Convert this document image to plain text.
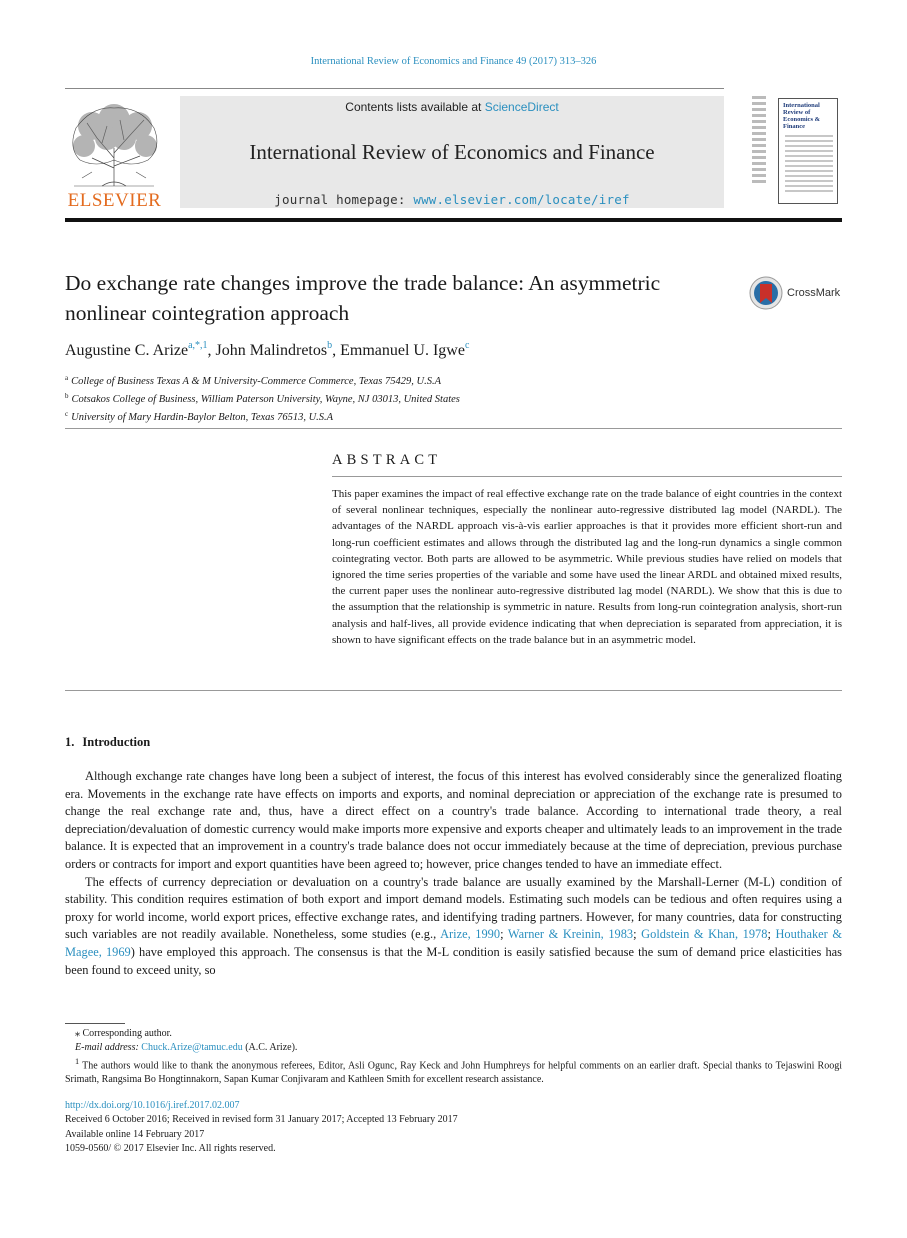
International Review of Economics and Finance 49 (2017) 313–326
ELSEVIER
Contents lists available at ScienceDirect
International Review of Economics and Finance
journal homepage: www.elsevier.com/locate/iref
International Review of Economics & Finance
Do exchange rate changes improve the trade balance: An asymmetric nonlinear cointegration approach
CrossMark
Augustine C. Arize$^{a,*,1}$, John Malindretos$^b$, Emmanuel U. Igwe$^c$
$^a$ College of Business Texas A & M University-Commerce Commerce, Texas 75429, U.S.A
$^b$ Cotsakos College of Business, William Paterson University, Wayne, NJ 03013, United States
$^c$ University of Mary Hardin-Baylor Belton, Texas 76513, U.S.A
ABSTRACT
This paper examines the impact of real effective exchange rate on the trade balance of eight countries in the context of several nonlinear techniques, especially the nonlinear auto-regressive distributed lag model (NARDL). The advantages of the NARDL approach vis-à-vis earlier approaches is that it provides more efficient short-run and long-run coefficient estimates and allows through the distributed lag and the long-run dynamics a single common cointegrating vector. Both parts are allowed to be asymmetric. While previous studies have relied on models that ignored the time series properties of the variable and some have used the linear ARDL and obtained mixed results, the current paper uses the nonlinear auto-regressive distributed lag model (NARDL). We show that this is due to the assumption that the relationship is symmetric in nature. Results from long-run cointegration analysis, short-run analysis and half-lives, all provide evidence indicating that when depreciation is separated from appreciation, it is shown to have significant effects on the trade balance but in an asymmetric model.
1. Introduction

Although exchange rate changes have long been a subject of interest, the focus of this interest has evolved considerably since the generalized floating era. Movements in the exchange rate have effects on imports and exports, and nominal depreciation or appreciation of the exchange rate is presumed to change the real exchange rate and, thus, have a direct effect on a country's trade balance. According to international trade theory, a real depreciation/devaluation of domestic currency would make imports more expensive and exports cheaper and ultimately leads to an improvement in the trade balance. It is expected that an improvement in a country's trade balance does not occur immediately because at the time of depreciation, previous purchase orders or contracts for import and export quantities have been agreed to; however, price changes tended to have an immediate effect.

The effects of currency depreciation or devaluation on a country's trade balance are usually examined by the Marshall-Lerner (M-L) condition of stability. This condition requires estimation of both export and import demand models. Estimating such models can be tedious and often requires using a proxy for world income, world export prices, effective exchange rates, and identifying trading partners. However, for many countries, data for constructing such variables are not readily available. Nonetheless, some studies (e.g., Arize, 1990; Warner & Kreinin, 1983; Goldstein & Khan, 1978; Houthaker & Magee, 1969) have employed this approach. The consensus is that the M-L condition is easily satisfied because the sum of demand price elasticities has been found to exceed unity, so

⁎ Corresponding author.
E-mail address: Chuck.Arize@tamuc.edu (A.C. Arize).
$^1$ The authors would like to thank the anonymous referees, Editor, Asli Ogunc, Ray Keck and John Humphreys for helpful comments on an earlier draft. Special thanks to Tejaswini Roogi Srimath, Rangsima Bo Hongtinnakorn, Sapan Kumar Conjivaram and Kathleen Smith for excellent research assistance.
http://dx.doi.org/10.1016/j.iref.2017.02.007
Received 6 October 2016; Received in revised form 31 January 2017; Accepted 13 February 2017
Available online 14 February 2017
1059-0560/ © 2017 Elsevier Inc. All rights reserved.
